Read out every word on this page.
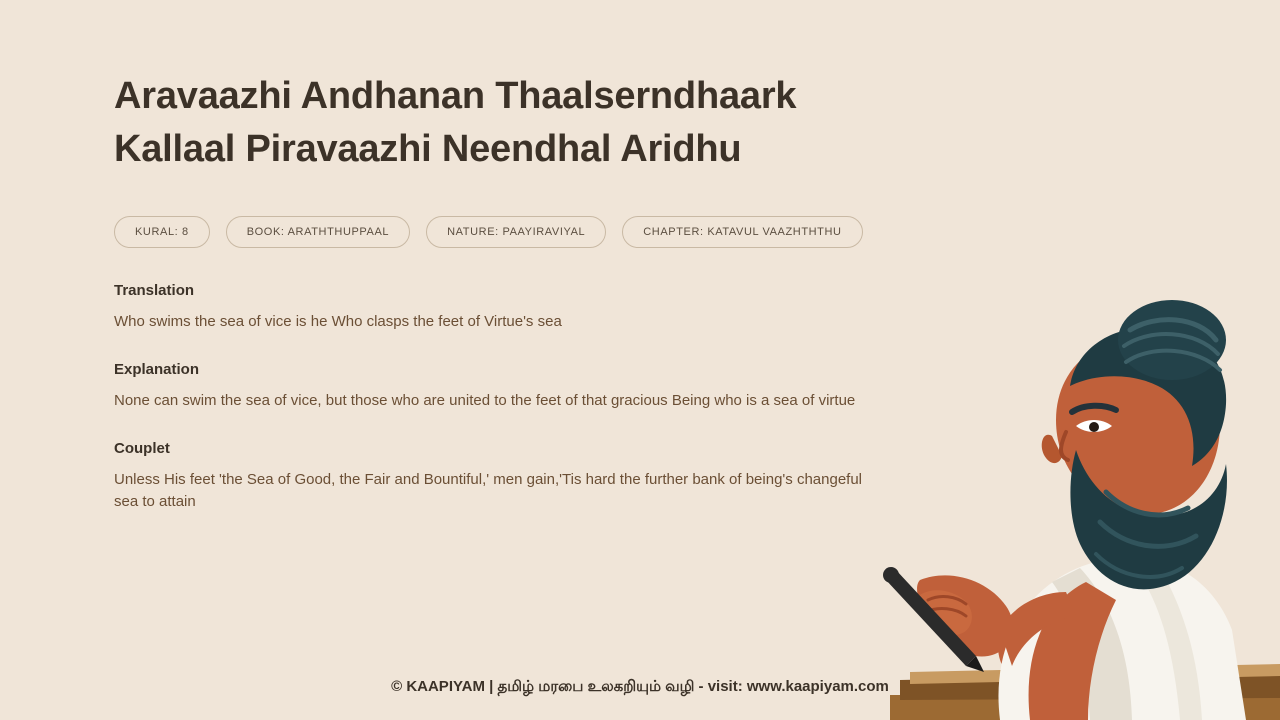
Aravaazhi Andhanan Thaalserndhaark Kallaal Piravaazhi Neendhal Aridhu
KURAL: 8	BOOK: ARATHTHUPPAAL	NATURE: PAAYIRAVIYAL	CHAPTER: KATAVUL VAAZHTHTHU
Translation

Who swims the sea of vice is he Who clasps the feet of Virtue's sea

Explanation

None can swim the sea of vice, but those who are united to the feet of that gracious Being who is a sea of virtue

Couplet

Unless His feet 'the Sea of Good, the Fair and Bountiful,' men gain,'Tis hard the further bank of being's changeful sea to attain

© KAAPIYAM | தமிழ் மரபை உலகறியும் வழி - visit: www.kaapiyam.com
